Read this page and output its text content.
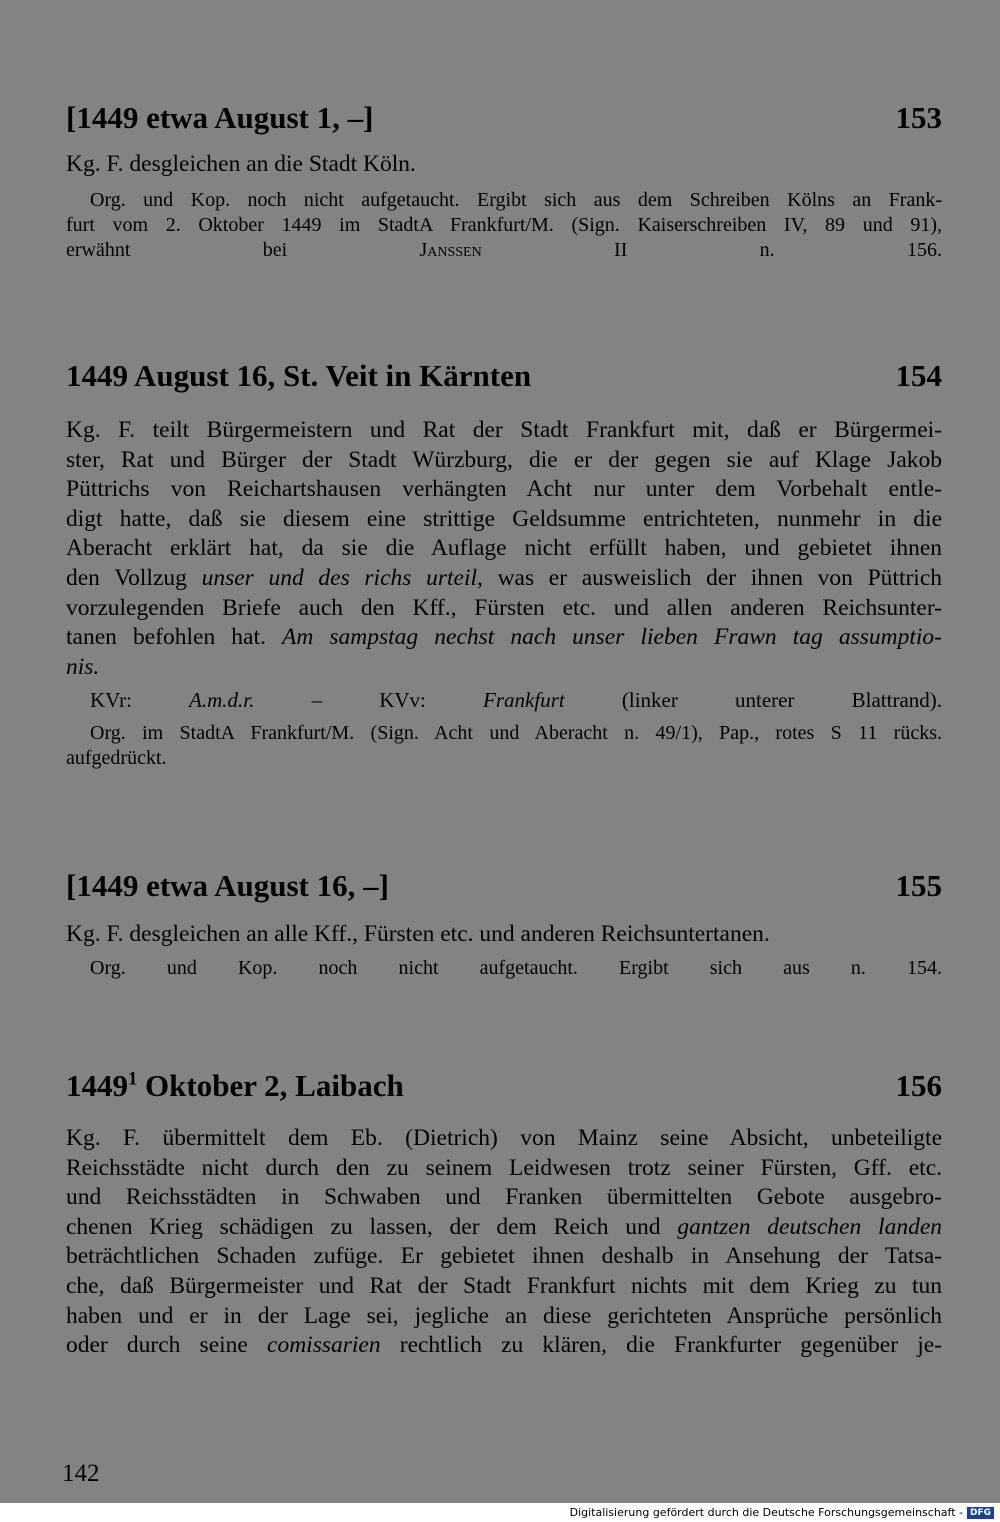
[1449 etwa August 1, –]	153
Kg. F. desgleichen an die Stadt Köln.
Org. und Kop. noch nicht aufgetaucht. Ergibt sich aus dem Schreiben Kölns an Frank-
furt vom 2. Oktober 1449 im StadtA Frankfurt/M. (Sign. Kaiserschreiben IV, 89 und 91),
erwähnt bei	Janssen	II n. 156.
1449 August 16, St. Veit in Kärnten	154
Kg. F. teilt Bürgermeistern und Rat der Stadt Frankfurt mit, daß er Bürgermei-
ster, Rat und Bürger der Stadt Würzburg, die er der gegen sie auf Klage Jakob
Püttrichs von Reichartshausen verhängten Acht nur unter dem Vorbehalt entle-
digt hatte, daß sie diesem eine strittige Geldsumme entrichteten, nunmehr in die
Aberacht erklärt hat, da sie die Auflage nicht erfüllt haben, und gebietet ihnen
den Vollzug unser und des richs urteil, was er ausweislich der ihnen von Püttrich
vorzulegenden Briefe auch den Kff., Fürsten etc. und allen anderen Reichsunter-
tanen befohlen hat. Am sampstag nechst nach unser lieben Frawn tag assumptio-
nis.
KVr:	A.m.d.r.	– KVv:	Frankfurt	(linker unterer Blattrand).
Org. im StadtA Frankfurt/M. (Sign. Acht und Aberacht n. 49/1), Pap., rotes S 11 rücks.
aufgedrückt.
[1449 etwa August 16, –]	155
Kg. F. desgleichen an alle Kff., Fürsten etc. und anderen Reichsuntertanen.
Org. und Kop. noch nicht aufgetaucht. Ergibt sich aus n. 154.
1449$^1$ Oktober 2, Laibach	156
Kg. F. übermittelt dem Eb. (Dietrich) von Mainz seine Absicht, unbeteiligte
Reichsstädte nicht durch den zu seinem Leidwesen trotz seiner Fürsten, Gff. etc.
und Reichsstädten in Schwaben und Franken übermittelten Gebote ausgebro-
chenen Krieg schädigen zu lassen, der dem Reich und gantzen deutschen landen
beträchtlichen Schaden zufüge. Er gebietet ihnen deshalb in Ansehung der Tatsa-
che, daß Bürgermeister und Rat der Stadt Frankfurt nichts mit dem Krieg zu tun
haben und er in der Lage sei, jegliche an diese gerichteten Ansprüche persönlich
oder durch seine comissarien rechtlich zu klären, die Frankfurter gegenüber je-
142
Digitalisierung gefördert durch die Deutsche Forschungsgemeinschaft - DFG
